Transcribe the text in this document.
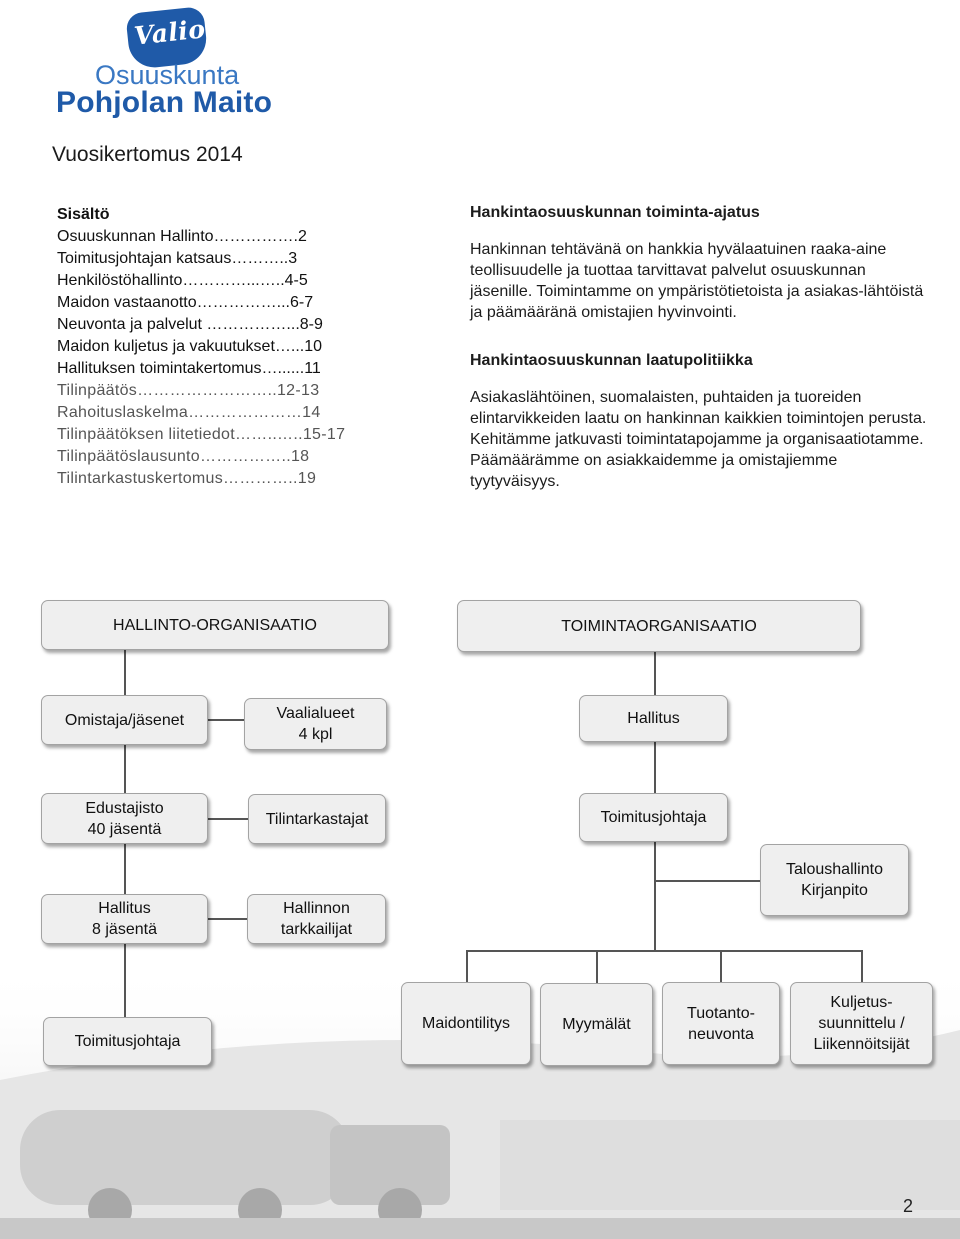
Valio
Osuuskunta
Pohjolan Maito
Vuosikertomus 2014
Sisältö
Osuuskunnan Hallinto…………….2
Toimitusjohtajan katsaus………..3
Henkilöstöhallinto…………...…..4-5
Maidon vastaanotto……………...6-7
Neuvonta ja palvelut ……………...8-9
Maidon kuljetus ja vakuutukset…...10
Hallituksen toimintakertomus…......11
Tilinpäätös……………………..12-13
Rahoituslaskelma…………………14
Tilinpäätöksen liitetiedot……..…..15-17
Tilinpäätöslausunto……………..18
Tilintarkastuskertomus…………..19
Hankintaosuuskunnan toiminta-ajatus

Hankinnan tehtävänä on hankkia hyvälaatuinen raaka-aine teollisuudelle ja tuottaa tarvittavat palvelut osuuskunnan jäsenille. Toimintamme on ympäristötietoista ja asiakas-lähtöistä ja päämääränä omistajien hyvinvointi.

Hankintaosuuskunnan laatupolitiikka

Asiakaslähtöinen, suomalaisten, puhtaiden ja tuoreiden elintarvikkeiden laatu on hankinnan kaikkien toimintojen perusta. Kehitämme jatkuvasti toimintatapojamme ja organisaatiotamme. Päämäärämme on asiakkaidemme ja omistajiemme tyytyväisyys.

HALLINTO-ORGANISAATIO	TOIMINTAORGANISAATIO
Omistaja/jäsenet	Vaalialueet
4 kpl
Hallitus
Edustajisto
40 jäsentä
Tilintarkastajat	Toimitusjohtaja
Taloushallinto
Kirjanpito
Hallitus
8 jäsentä
Hallinnon
tarkkailijat
Toimitusjohtaja
Maidontilitys	Myymälät
Tuotanto-
neuvonta
Kuljetus-
suunnittelu /
Liikennöitsijät
2
